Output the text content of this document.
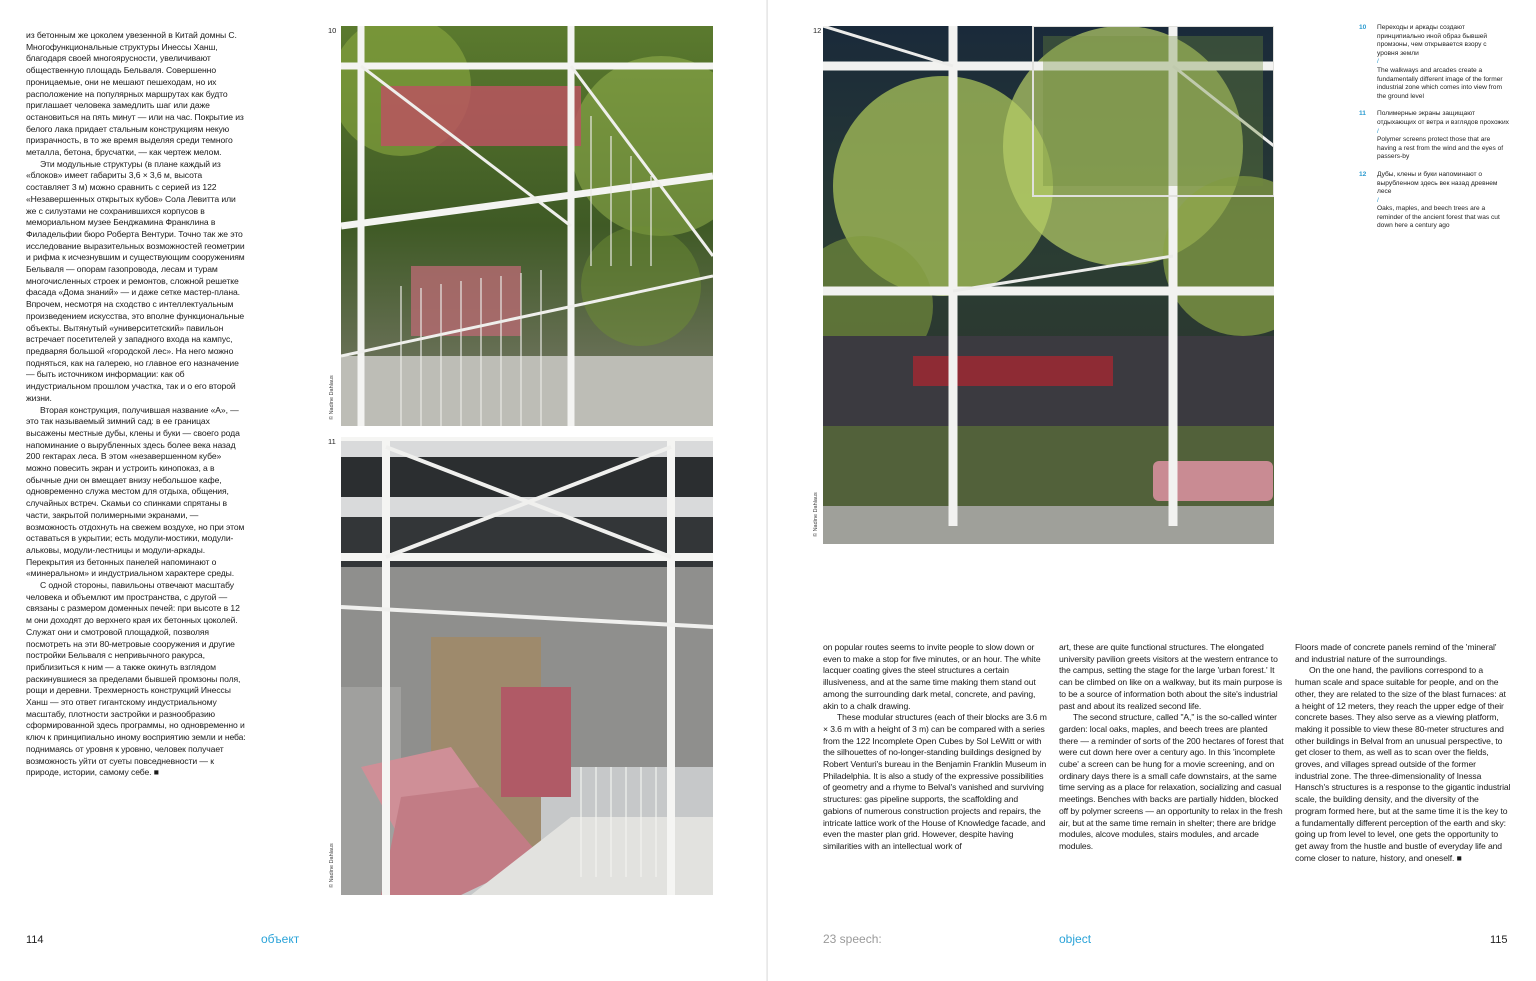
из бетонным же цоколем увезенной в Китай домны С. Многофункциональные структуры Инессы Ханш, благодаря своей многоярусности, увеличивают общественную площадь Бельваля. Совершенно проницаемые, они не мешают пешеходам, но их расположение на популярных маршрутах как будто приглашает человека замедлить шаг или даже остановиться на пять минут — или на час. Покрытие из белого лака придает стальным конструкциям некую призрачность, в то же время выделяя среди темного металла, бетона, брусчатки, — как чертеж мелом.

Эти модульные структуры (в плане каждый из «блоков» имеет габариты 3,6 × 3,6 м, высота составляет 3 м) можно сравнить с серией из 122 «Незавершенных открытых кубов» Сола Левитта или же с силуэтами не сохранившихся корпусов в мемориальном музее Бенджамина Франклина в Филадельфии бюро Роберта Вентури. Точно так же это исследование выразительных возможностей геометрии и рифма к исчезнувшим и существующим сооружениям Бельваля — опорам газопровода, лесам и турам многочисленных строек и ремонтов, сложной решетке фасада «Дома знаний» — и даже сетке мастер-плана. Впрочем, несмотря на сходство с интеллектуальным произведением искусства, это вполне функциональные объекты. Вытянутый «университетский» павильон встречает посетителей у западного входа на кампус, предваряя большой «городской лес». На него можно подняться, как на галерею, но главное его назначение — быть источником информации: как об индустриальном прошлом участка, так и о его второй жизни.

Вторая конструкция, получившая название «А», — это так называемый зимний сад: в ее границах высажены местные дубы, клены и буки — своего рода напоминание о вырубленных здесь более века назад 200 гектарах леса. В этом «незавершенном кубе» можно повесить экран и устроить кинопоказ, а в обычные дни он вмещает внизу небольшое кафе, одновременно служа местом для отдыха, общения, случайных встреч. Скамьи со спинками спрятаны в части, закрытой полимерными экранами, — возможность отдохнуть на свежем воздухе, но при этом оставаться в укрытии; есть модули-мостики, модули-альковы, модули-лестницы и модули-аркады. Перекрытия из бетонных панелей напоминают о «минеральном» и индустриальном характере среды.

С одной стороны, павильоны отвечают масштабу человека и объемлют им пространства, с другой — связаны с размером доменных печей: при высоте в 12 м они доходят до верхнего края их бетонных цоколей. Служат они и смотровой площадкой, позволяя посмотреть на эти 80-метровые сооружения и другие постройки Бельваля с непривычного ракурса, приблизиться к ним — а также окинуть взглядом раскинувшиеся за пределами бывшей промзоны поля, рощи и деревни. Трехмерность конструкций Инессы Ханш — это ответ гигантскому индустриальному масштабу, плотности застройки и разнообразию сформированной здесь программы, но одновременно и ключ к принципиально иному восприятию земли и неба: поднимаясь от уровня к уровню, человек получает возможность уйти от суеты повседневности — к природе, истории, самому себе. ■

10
© Nadine Dahlaus
11
© Nadine Dahlaus
114	объект
12
© Nadine Dahlaus
10 Переходы и аркады создают принципиально иной образ бывшей промзоны, чем открывается взору с уровня земли
/
The walkways and arcades create a fundamentally different image of the former industrial zone which comes into view from the ground level
11 Полимерные экраны защищают отдыхающих от ветра и взглядов прохожих
/
Polymer screens protect those that are having a rest from the wind and the eyes of passers-by
12 Дубы, клены и буки напоминают о вырубленном здесь век назад древнем лесе
/
Oaks, maples, and beech trees are a reminder of the ancient forest that was cut down here a century ago

on popular routes seems to invite people to slow down or even to make a stop for five minutes, or an hour. The white lacquer coating gives the steel structures a certain illusiveness, and at the same time making them stand out among the surrounding dark metal, concrete, and paving, akin to a chalk drawing.

These modular structures (each of their blocks are 3.6 m × 3.6 m with a height of 3 m) can be compared with a series from the 122 Incomplete Open Cubes by Sol LeWitt or with the silhouettes of no-longer-standing buildings designed by Robert Venturi's bureau in the Benjamin Franklin Museum in Philadelphia. It is also a study of the expressive possibilities of geometry and a rhyme to Belval's vanished and surviving structures: gas pipeline supports, the scaffolding and gabions of numerous construction projects and repairs, the intricate lattice work of the House of Knowledge facade, and even the master plan grid. However, despite having similarities with an intellectual work of

art, these are quite functional structures. The elongated university pavilion greets visitors at the western entrance to the campus, setting the stage for the large 'urban forest.' It can be climbed on like on a walkway, but its main purpose is to be a source of information both about the site's industrial past and about its realized second life.

The second structure, called "A," is the so-called winter garden: local oaks, maples, and beech trees are planted there — a reminder of sorts of the 200 hectares of forest that were cut down here over a century ago. In this 'incomplete cube' a screen can be hung for a movie screening, and on ordinary days there is a small cafe downstairs, at the same time serving as a place for relaxation, socializing and casual meetings. Benches with backs are partially hidden, blocked off by polymer screens — an opportunity to relax in the fresh air, but at the same time remain in shelter; there are bridge modules, alcove modules, stairs modules, and arcade modules.

Floors made of concrete panels remind of the 'mineral' and industrial nature of the surroundings.

On the one hand, the pavilions correspond to a human scale and space suitable for people, and on the other, they are related to the size of the blast furnaces: at a height of 12 meters, they reach the upper edge of their concrete bases. They also serve as a viewing platform, making it possible to view these 80-meter structures and other buildings in Belval from an unusual perspective, to get closer to them, as well as to scan over the fields, groves, and villages spread outside of the former industrial zone. The three-dimensionality of Inessa Hansch's structures is a response to the gigantic industrial scale, the building density, and the diversity of the program formed here, but at the same time it is the key to a fundamentally different perception of the earth and sky: going up from level to level, one gets the opportunity to get away from the hustle and bustle of everyday life and come closer to nature, history, and oneself. ■

23 speech:	object	115
